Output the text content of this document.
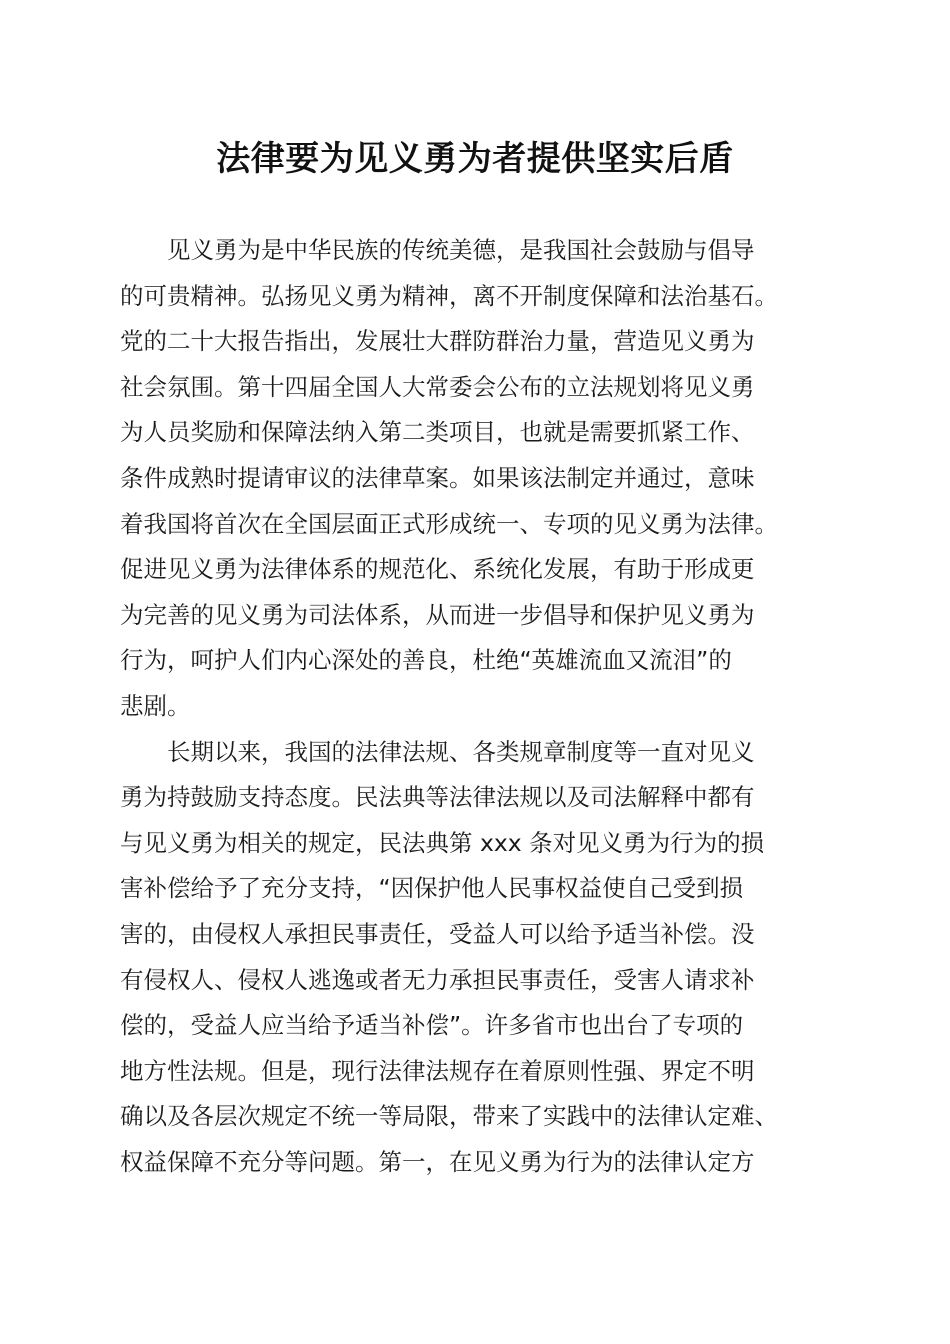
法律要为见义勇为者提供坚实后盾
见义勇为是中华民族的传统美德，是我国社会鼓励与倡导
的可贵精神。弘扬见义勇为精神，离不开制度保障和法治基石。
党的二十大报告指出，发展壮大群防群治力量，营造见义勇为
社会氛围。第十四届全国人大常委会公布的立法规划将见义勇
为人员奖励和保障法纳入第二类项目，也就是需要抓紧工作、
条件成熟时提请审议的法律草案。如果该法制定并通过，意味
着我国将首次在全国层面正式形成统一、专项的见义勇为法律。
促进见义勇为法律体系的规范化、系统化发展，有助于形成更
为完善的见义勇为司法体系，从而进一步倡导和保护见义勇为
行为，呵护人们内心深处的善良，杜绝“英雄流血又流泪”的
悲剧。
长期以来，我国的法律法规、各类规章制度等一直对见义
勇为持鼓励支持态度。民法典等法律法规以及司法解释中都有
与见义勇为相关的规定，民法典第 xxx 条对见义勇为行为的损
害补偿给予了充分支持，“因保护他人民事权益使自己受到损
害的，由侵权人承担民事责任，受益人可以给予适当补偿。没
有侵权人、侵权人逃逸或者无力承担民事责任，受害人请求补
偿的，受益人应当给予适当补偿”。许多省市也出台了专项的
地方性法规。但是，现行法律法规存在着原则性强、界定不明
确以及各层次规定不统一等局限，带来了实践中的法律认定难、
权益保障不充分等问题。第一，在见义勇为行为的法律认定方
